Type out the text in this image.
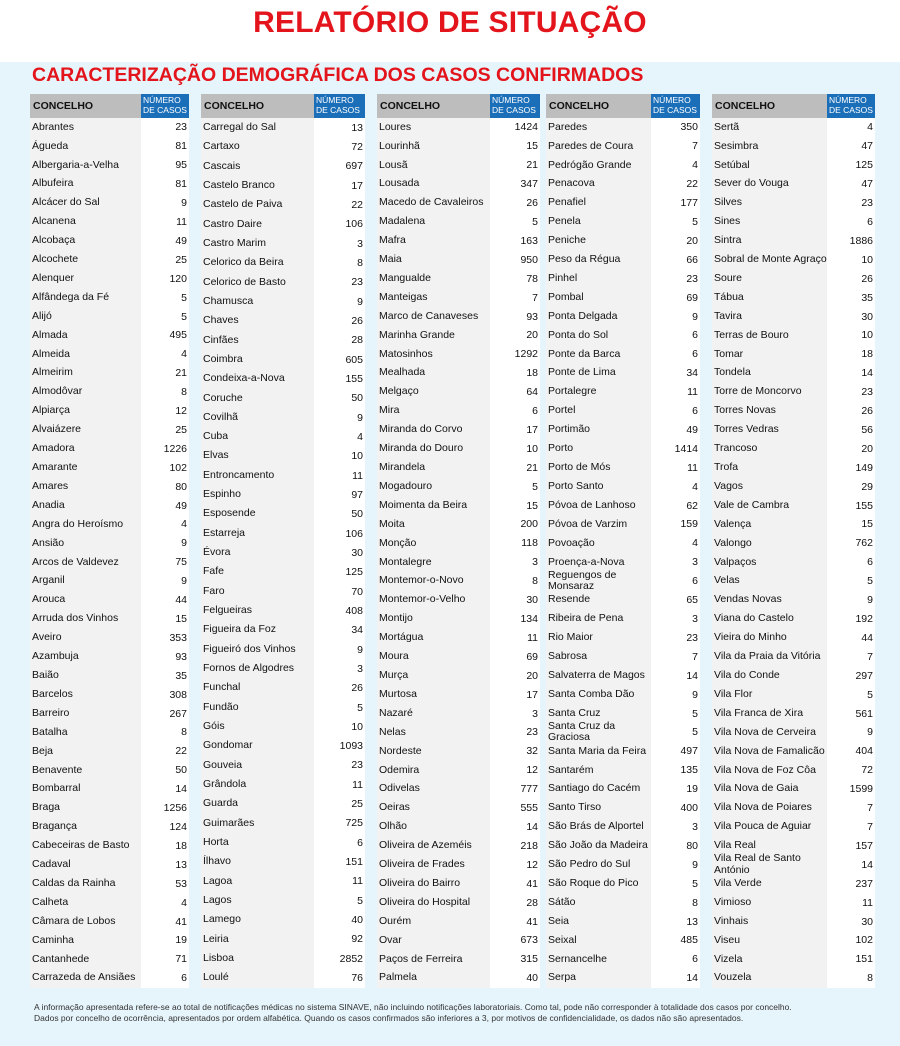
RELATÓRIO DE SITUAÇÃO
CARACTERIZAÇÃO DEMOGRÁFICA DOS CASOS CONFIRMADOS
CONCELHO	NÚMERO DE CASOS
Abrantes	23
Águeda	81
Albergaria-a-Velha	95
Albufeira	81
Alcácer do Sal	9
Alcanena	11
Alcobaça	49
Alcochete	25
Alenquer	120
Alfândega da Fé	5
Alijó	5
Almada	495
Almeida	4
Almeirim	21
Almodôvar	8
Alpiarça	12
Alvaiázere	25
Amadora	1226
Amarante	102
Amares	80
Anadia	49
Angra do Heroísmo	4
Ansião	9
Arcos de Valdevez	75
Arganil	9
Arouca	44
Arruda dos Vinhos	15
Aveiro	353
Azambuja	93
Baião	35
Barcelos	308
Barreiro	267
Batalha	8
Beja	22
Benavente	50
Bombarral	14
Braga	1256
Bragança	124
Cabeceiras de Basto	18
Cadaval	13
Caldas da Rainha	53
Calheta	4
Câmara de Lobos	41
Caminha	19
Cantanhede	71
Carrazeda de Ansiães	6
CONCELHO	NÚMERO DE CASOS
Carregal do Sal	13
Cartaxo	72
Cascais	697
Castelo Branco	17
Castelo de Paiva	22
Castro Daire	106
Castro Marim	3
Celorico da Beira	8
Celorico de Basto	23
Chamusca	9
Chaves	26
Cinfães	28
Coimbra	605
Condeixa-a-Nova	155
Coruche	50
Covilhã	9
Cuba	4
Elvas	10
Entroncamento	11
Espinho	97
Esposende	50
Estarreja	106
Évora	30
Fafe	125
Faro	70
Felgueiras	408
Figueira da Foz	34
Figueiró dos Vinhos	9
Fornos de Algodres	3
Funchal	26
Fundão	5
Góis	10
Gondomar	1093
Gouveia	23
Grândola	11
Guarda	25
Guimarães	725
Horta	6
Ílhavo	151
Lagoa	11
Lagos	5
Lamego	40
Leiria	92
Lisboa	2852
Loulé	76
CONCELHO	NÚMERO DE CASOS
Loures	1424
Lourinhã	15
Lousã	21
Lousada	347
Macedo de Cavaleiros	26
Madalena	5
Mafra	163
Maia	950
Mangualde	78
Manteigas	7
Marco de Canaveses	93
Marinha Grande	20
Matosinhos	1292
Mealhada	18
Melgaço	64
Mira	6
Miranda do Corvo	17
Miranda do Douro	10
Mirandela	21
Mogadouro	5
Moimenta da Beira	15
Moita	200
Monção	118
Montalegre	3
Montemor-o-Novo	8
Montemor-o-Velho	30
Montijo	134
Mortágua	11
Moura	69
Murça	20
Murtosa	17
Nazaré	3
Nelas	23
Nordeste	32
Odemira	12
Odivelas	777
Oeiras	555
Olhão	14
Oliveira de Azeméis	218
Oliveira de Frades	12
Oliveira do Bairro	41
Oliveira do Hospital	28
Ourém	41
Ovar	673
Paços de Ferreira	315
Palmela	40
CONCELHO	NÚMERO DE CASOS
Paredes	350
Paredes de Coura	7
Pedrógão Grande	4
Penacova	22
Penafiel	177
Penela	5
Peniche	20
Peso da Régua	66
Pinhel	23
Pombal	69
Ponta Delgada	9
Ponta do Sol	6
Ponte da Barca	6
Ponte de Lima	34
Portalegre	11
Portel	6
Portimão	49
Porto	1414
Porto de Mós	11
Porto Santo	4
Póvoa de Lanhoso	62
Póvoa de Varzim	159
Povoação	4
Proença-a-Nova	3
Reguengos de Monsaraz	6
Resende	65
Ribeira de Pena	3
Rio Maior	23
Sabrosa	7
Salvaterra de Magos	14
Santa Comba Dão	9
Santa Cruz	5
Santa Cruz da Graciosa	5
Santa Maria da Feira	497
Santarém	135
Santiago do Cacém	19
Santo Tirso	400
São Brás de Alportel	3
São João da Madeira	80
São Pedro do Sul	9
São Roque do Pico	5
Sátão	8
Seia	13
Seixal	485
Sernancelhe	6
Serpa	14
CONCELHO	NÚMERO DE CASOS
Sertã	4
Sesimbra	47
Setúbal	125
Sever do Vouga	47
Silves	23
Sines	6
Sintra	1886
Sobral de Monte Agraço	10
Soure	26
Tábua	35
Tavira	30
Terras de Bouro	10
Tomar	18
Tondela	14
Torre de Moncorvo	23
Torres Novas	26
Torres Vedras	56
Trancoso	20
Trofa	149
Vagos	29
Vale de Cambra	155
Valença	15
Valongo	762
Valpaços	6
Velas	5
Vendas Novas	9
Viana do Castelo	192
Vieira do Minho	44
Vila da Praia da Vitória	7
Vila do Conde	297
Vila Flor	5
Vila Franca de Xira	561
Vila Nova de Cerveira	9
Vila Nova de Famalicão	404
Vila Nova de Foz Côa	72
Vila Nova de Gaia	1599
Vila Nova de Poiares	7
Vila Pouca de Aguiar	7
Vila Real	157
Vila Real de Santo António	14
Vila Verde	237
Vimioso	11
Vinhais	30
Viseu	102
Vizela	151
Vouzela	8
A informação apresentada refere-se ao total de notificações médicas no sistema SINAVE, não incluindo notificações laboratoriais. Como tal, pode não corresponder à totalidade dos casos por concelho.
Dados por concelho de ocorrência, apresentados por ordem alfabética. Quando os casos confirmados são inferiores a 3, por motivos de confidencialidade, os dados não são apresentados.
